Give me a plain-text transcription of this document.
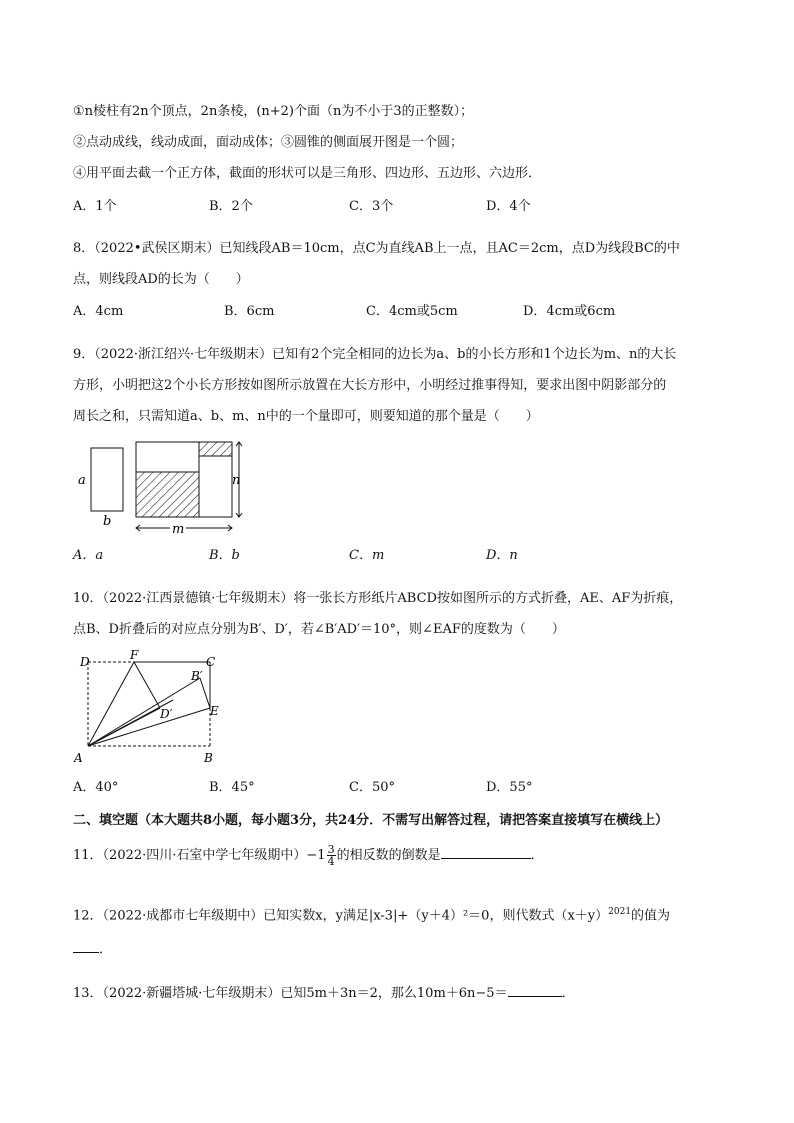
①n棱柱有2n个顶点，2n条棱，(n+2)个面（n为不小于3的正整数）；
②点动成线，线动成面，面动成体；③圆锥的侧面展开图是一个圆；
④用平面去截一个正方体，截面的形状可以是三角形、四边形、五边形、六边形．
A．1个	B．2个	C．3个	D．4个
8．（2022•武侯区期末）已知线段AB＝10cm，点C为直线AB上一点，且AC＝2cm，点D为线段BC的中
点，则线段AD的长为（　　）
A．4cm	B．6cm	C．4cm或5cm	D．4cm或6cm
9．（2022·浙江绍兴·七年级期末）已知有2个完全相同的边长为a、b的小长方形和1个边长为m、n的大长
方形，小明把这2个小长方形按如图所示放置在大长方形中，小明经过推事得知，要求出图中阴影部分的
周长之和，只需知道a、b、m、n中的一个量即可，则要知道的那个量是（　　）
a
b
n
m
A．a	B．b	C．m	D．n
10．（2022·江西景德镇·七年级期末）将一张长方形纸片ABCD按如图所示的方式折叠，AE、AF为折痕，
点B、D折叠后的对应点分别为B′、D′，若∠B′AD′＝10°，则∠EAF的度数为（　　）
D	F	C
B′
D′	E
A	B
A．40°	B．45°	C．50°	D．55°
二、填空题（本大题共8小题，每小题3分，共24分．不需写出解答过程，请把答案直接填写在横线上）
11．（2022·四川·石室中学七年级期中）$-1 \frac{3}{4}$ 的相反数的倒数是	．
12．（2022·成都市七年级期中）已知实数x，y满足|x-3|+（y＋4）²＝0，则代数式$(x+y)^{2021}$的值为
．
13．（2022·新疆塔城·七年级期末）已知5m＋3n＝2，那么10m＋6n−5＝	．
